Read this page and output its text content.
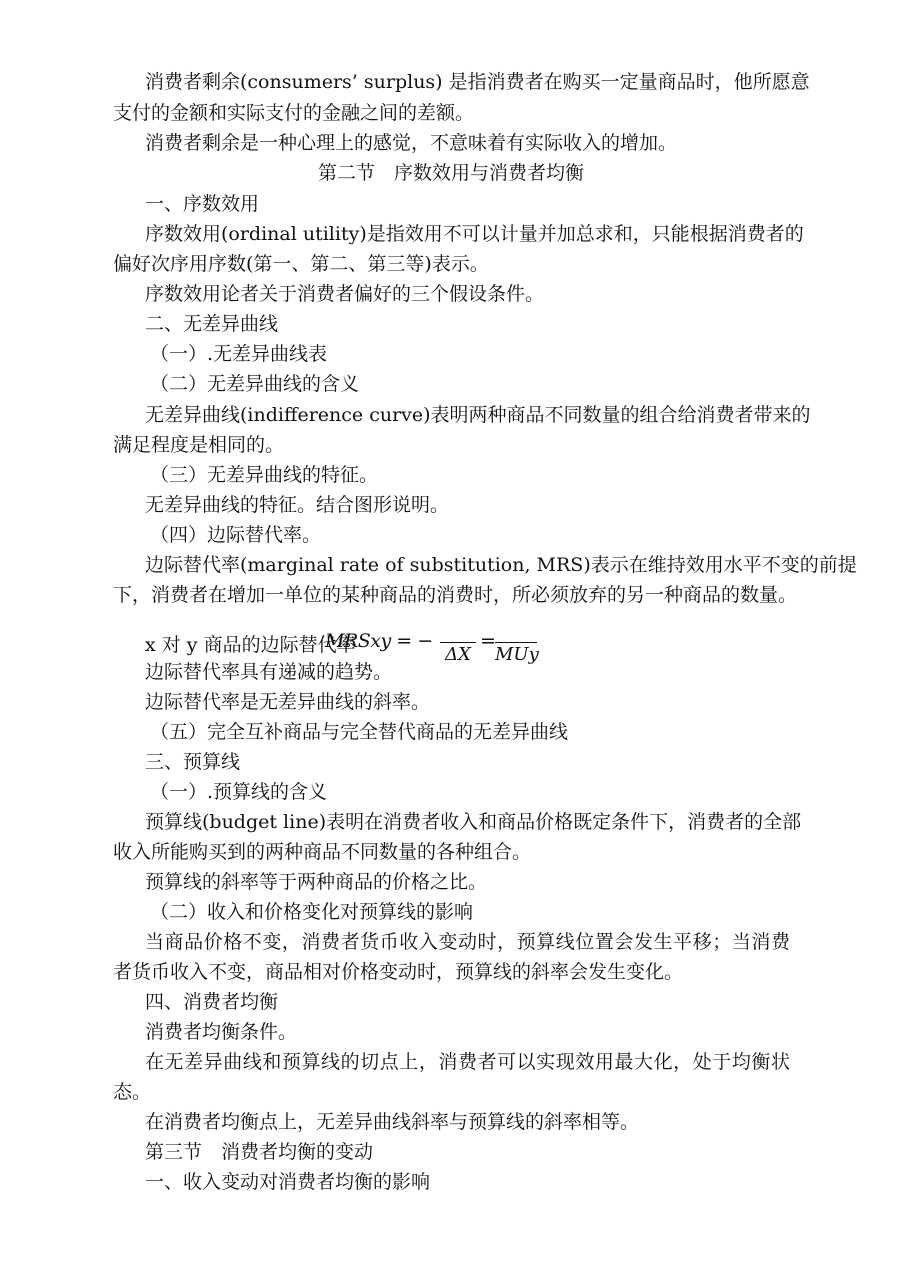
消费者剩余(consumers’ surplus) 是指消费者在购买一定量商品时，他所愿意
支付的金额和实际支付的金融之间的差额。
消费者剩余是一种心理上的感觉，不意味着有实际收入的增加。
第二节　序数效用与消费者均衡
一、序数效用
序数效用(ordinal utility)是指效用不可以计量并加总求和，只能根据消费者的
偏好次序用序数(第一、第二、第三等)表示。
序数效用论者关于消费者偏好的三个假设条件。
二、无差异曲线
（一）.无差异曲线表
（二）无差异曲线的含义
无差异曲线(indifference curve)表明两种商品不同数量的组合给消费者带来的
满足程度是相同的。
（三）无差异曲线的特征。
无差异曲线的特征。结合图形说明。
（四）边际替代率。
边际替代率(marginal rate of substitution, MRS)表示在维持效用水平不变的前提
下，消费者在增加一单位的某种商品的消费时，所必须放弃的另一种商品的数量。
x 对 y 商品的边际替代率
MRSxy = −
ΔX
=
MUy
边际替代率具有递减的趋势。
边际替代率是无差异曲线的斜率。
（五）完全互补商品与完全替代商品的无差异曲线
三、预算线
（一）.预算线的含义
预算线(budget line)表明在消费者收入和商品价格既定条件下，消费者的全部
收入所能购买到的两种商品不同数量的各种组合。
预算线的斜率等于两种商品的价格之比。
（二）收入和价格变化对预算线的影响
当商品价格不变，消费者货币收入变动时，预算线位置会发生平移；当消费
者货币收入不变，商品相对价格变动时，预算线的斜率会发生变化。
四、消费者均衡
消费者均衡条件。
在无差异曲线和预算线的切点上，消费者可以实现效用最大化，处于均衡状
态。
在消费者均衡点上，无差异曲线斜率与预算线的斜率相等。
第三节　消费者均衡的变动
一、收入变动对消费者均衡的影响
